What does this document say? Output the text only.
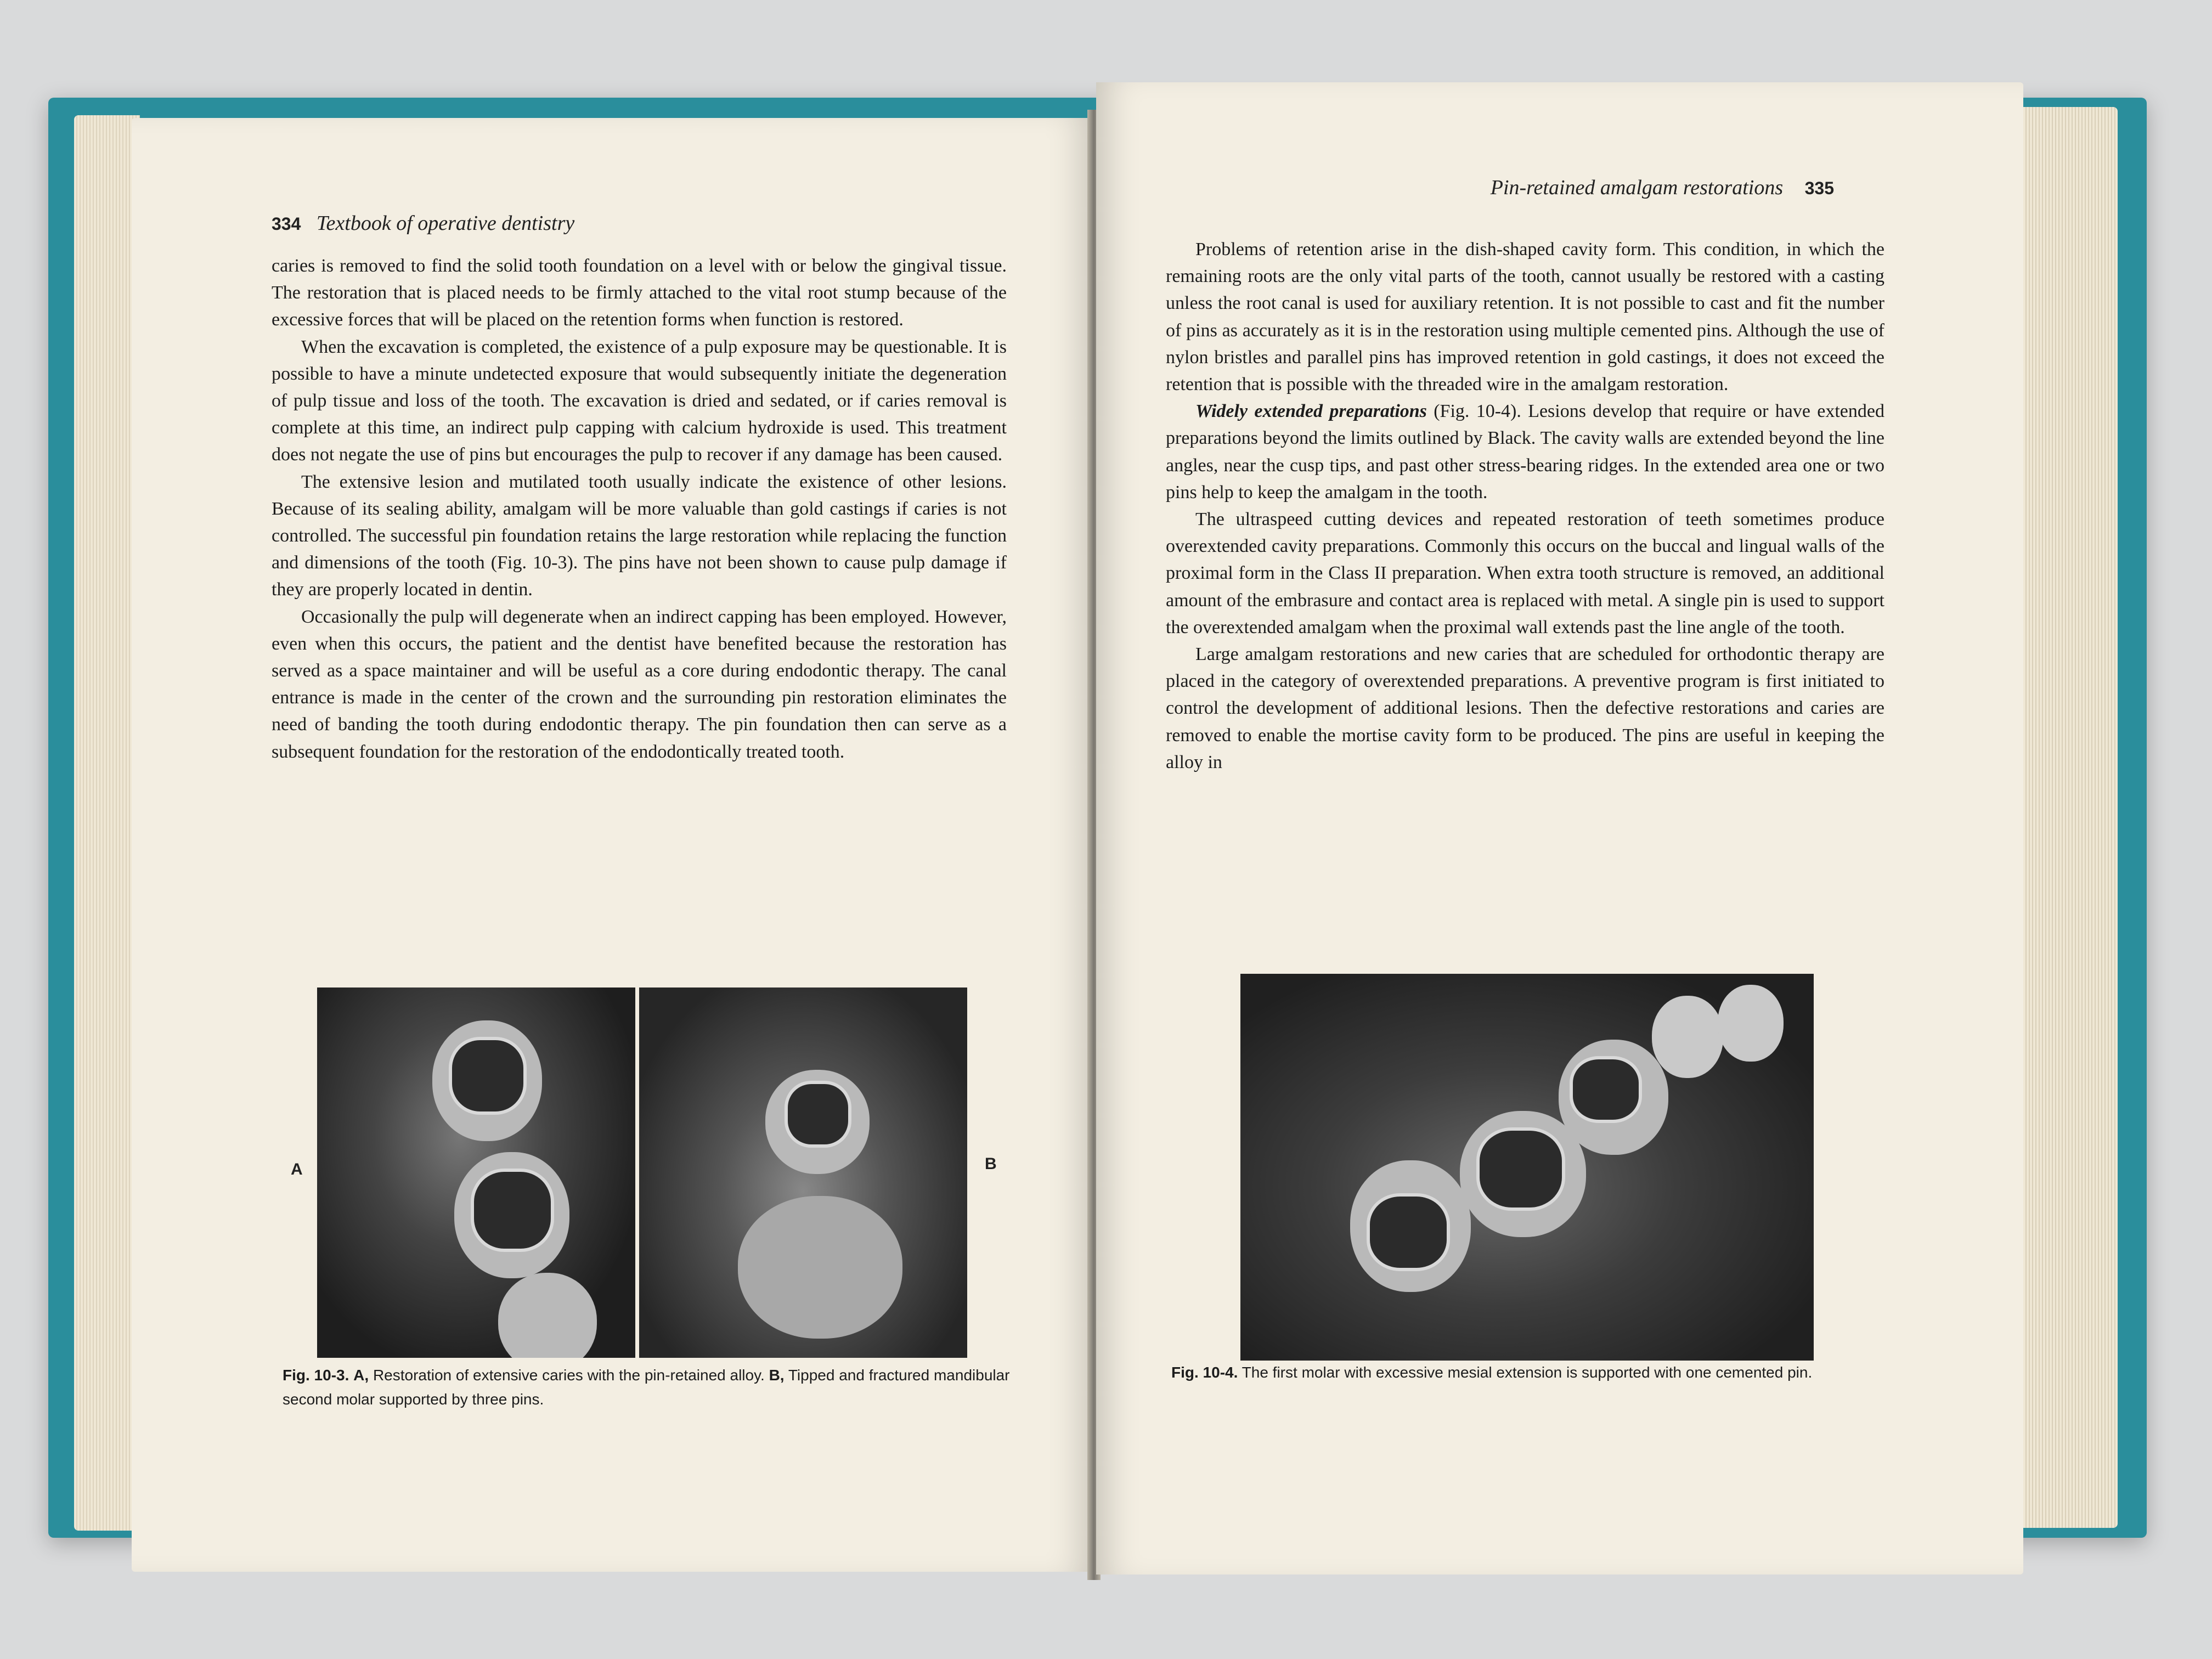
334 Textbook of operative dentistry

caries is removed to find the solid tooth foundation on a level with or below the gingival tissue. The restoration that is placed needs to be firmly attached to the vital root stump because of the excessive forces that will be placed on the retention forms when function is restored.

When the excavation is completed, the existence of a pulp exposure may be questionable. It is possible to have a minute undetected exposure that would subsequently initiate the degeneration of pulp tissue and loss of the tooth. The excavation is dried and sedated, or if caries removal is complete at this time, an indirect pulp capping with calcium hydroxide is used. This treatment does not negate the use of pins but encourages the pulp to recover if any damage has been caused.

The extensive lesion and mutilated tooth usually indicate the existence of other lesions. Because of its sealing ability, amalgam will be more valuable than gold castings if caries is not controlled. The successful pin foundation retains the large restoration while replacing the function and dimensions of the tooth (Fig. 10-3). The pins have not been shown to cause pulp damage if they are properly located in dentin.

Occasionally the pulp will degenerate when an indirect capping has been employed. However, even when this occurs, the patient and the dentist have benefited because the restoration has served as a space maintainer and will be useful as a core during endodontic therapy. The canal entrance is made in the center of the crown and the surrounding pin restoration eliminates the need of banding the tooth during endodontic therapy. The pin foundation then can serve as a subsequent foundation for the restoration of the endodontically treated tooth.

A	B
Fig. 10-3. A, Restoration of extensive caries with the pin-retained alloy. B, Tipped and fractured mandibular second molar supported by three pins.
Pin-retained amalgam restorations 335

Problems of retention arise in the dish-shaped cavity form. This condition, in which the remaining roots are the only vital parts of the tooth, cannot usually be restored with a casting unless the root canal is used for auxiliary retention. It is not possible to cast and fit the number of pins as accurately as it is in the restoration using multiple cemented pins. Although the use of nylon bristles and parallel pins has improved retention in gold castings, it does not exceed the retention that is possible with the threaded wire in the amalgam restoration.

Widely extended preparations (Fig. 10-4). Lesions develop that require or have extended preparations beyond the limits outlined by Black. The cavity walls are extended beyond the line angles, near the cusp tips, and past other stress-bearing ridges. In the extended area one or two pins help to keep the amalgam in the tooth.

The ultraspeed cutting devices and repeated restoration of teeth sometimes produce overextended cavity preparations. Commonly this occurs on the buccal and lingual walls of the proximal form in the Class II preparation. When extra tooth structure is removed, an additional amount of the embrasure and contact area is replaced with metal. A single pin is used to support the overextended amalgam when the proximal wall extends past the line angle of the tooth.

Large amalgam restorations and new caries that are scheduled for orthodontic therapy are placed in the category of overextended preparations. A preventive program is first initiated to control the development of additional lesions. Then the defective restorations and caries are removed to enable the mortise cavity form to be produced. The pins are useful in keeping the alloy in

Fig. 10-4. The first molar with excessive mesial extension is supported with one cemented pin.
